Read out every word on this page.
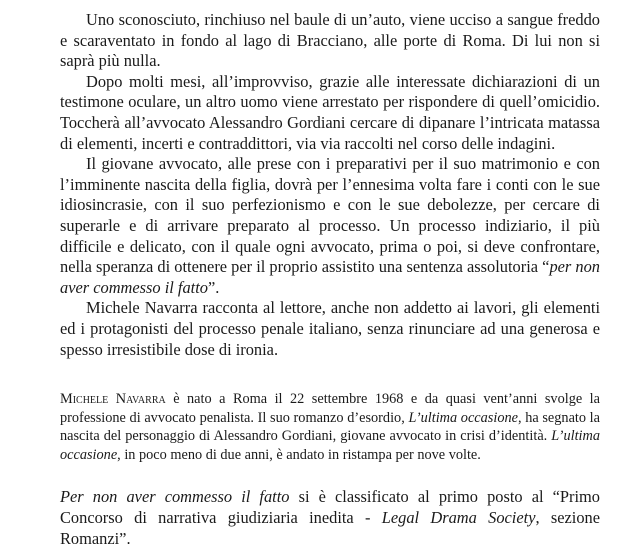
Uno sconosciuto, rinchiuso nel baule di un’auto, viene ucciso a sangue freddo e scaraventato in fondo al lago di Bracciano, alle porte di Roma. Di lui non si saprà più nulla.

Dopo molti mesi, all’improvviso, grazie alle interessate dichiarazioni di un testimone oculare, un altro uomo viene arrestato per rispondere di quell’omicidio. Toccherà all’avvocato Alessandro Gordiani cercare di dipanare l’intricata matassa di elementi, incerti e contraddittori, via via raccolti nel corso delle indagini.

Il giovane avvocato, alle prese con i preparativi per il suo matrimonio e con l’imminente nascita della figlia, dovrà per l’ennesima volta fare i conti con le sue idiosincrasie, con il suo perfezionismo e con le sue debolezze, per cercare di superarle e di arrivare preparato al processo. Un processo indiziario, il più difficile e delicato, con il quale ogni avvocato, prima o poi, si deve confrontare, nella speranza di ottenere per il proprio assistito una sentenza assolutoria “per non aver commesso il fatto”.

Michele Navarra racconta al lettore, anche non addetto ai lavori, gli elementi ed i protagonisti del processo penale italiano, senza rinunciare ad una generosa e spesso irresistibile dose di ironia.

Michele Navarra è nato a Roma il 22 settembre 1968 e da quasi vent’anni svolge la professione di avvocato penalista. Il suo romanzo d’esordio, L’ultima occasione, ha segnato la nascita del personaggio di Alessandro Gordiani, giovane avvocato in crisi d’identità. L’ultima occasione, in poco meno di due anni, è andato in ristampa per nove volte.

Per non aver commesso il fatto si è classificato al primo posto al “Primo Concorso di narrativa giudiziaria inedita - Legal Drama Society, sezione Romanzi”.
